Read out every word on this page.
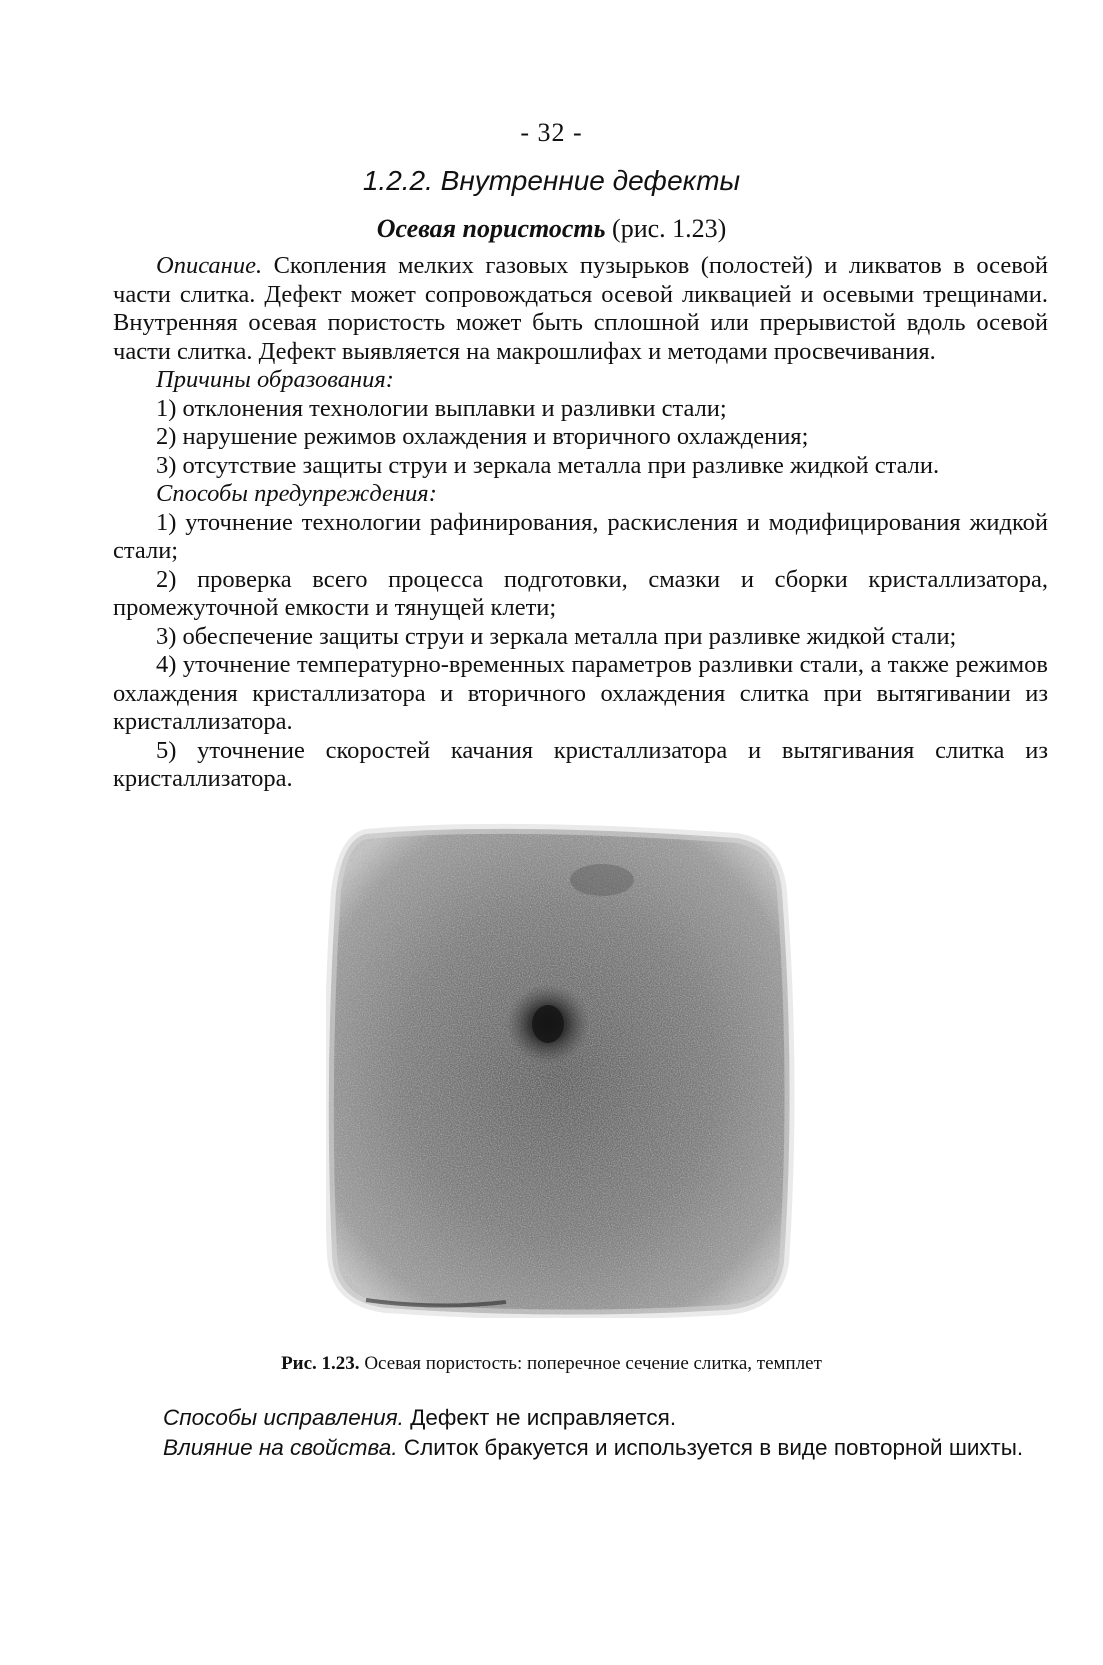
- 32 -
1.2.2. Внутренние дефекты
Осевая пористость (рис. 1.23)

Описание. Скопления мелких газовых пузырьков (полостей) и ликватов в осевой части слитка. Дефект может сопровождаться осевой ликвацией и осевыми трещинами. Внутренняя осевая пористость может быть сплошной или прерывистой вдоль осевой части слитка. Дефект выявляется на макрошлифах и методами просвечивания.

Причины образования:

1) отклонения технологии выплавки и разливки стали;

2) нарушение режимов охлаждения и вторичного охлаждения;

3) отсутствие защиты струи и зеркала металла при разливке жидкой стали.

Способы предупреждения:

1) уточнение технологии рафинирования, раскисления и модифицирования жидкой стали;

2) проверка всего процесса подготовки, смазки и сборки кристаллизатора, промежуточной емкости и тянущей клети;

3) обеспечение защиты струи и зеркала металла при разливке жидкой стали;

4) уточнение температурно-временных параметров разливки стали, а также режимов охлаждения кристаллизатора и вторичного охлаждения слитка при вытягивании из кристаллизатора.

5) уточнение скоростей качания кристаллизатора и вытягивания слитка из кристаллизатора.

Рис. 1.23. Осевая пористость: поперечное сечение слитка, темплет

Способы исправления. Дефект не исправляется.

Влияние на свойства. Слиток бракуется и используется в виде повторной шихты.
